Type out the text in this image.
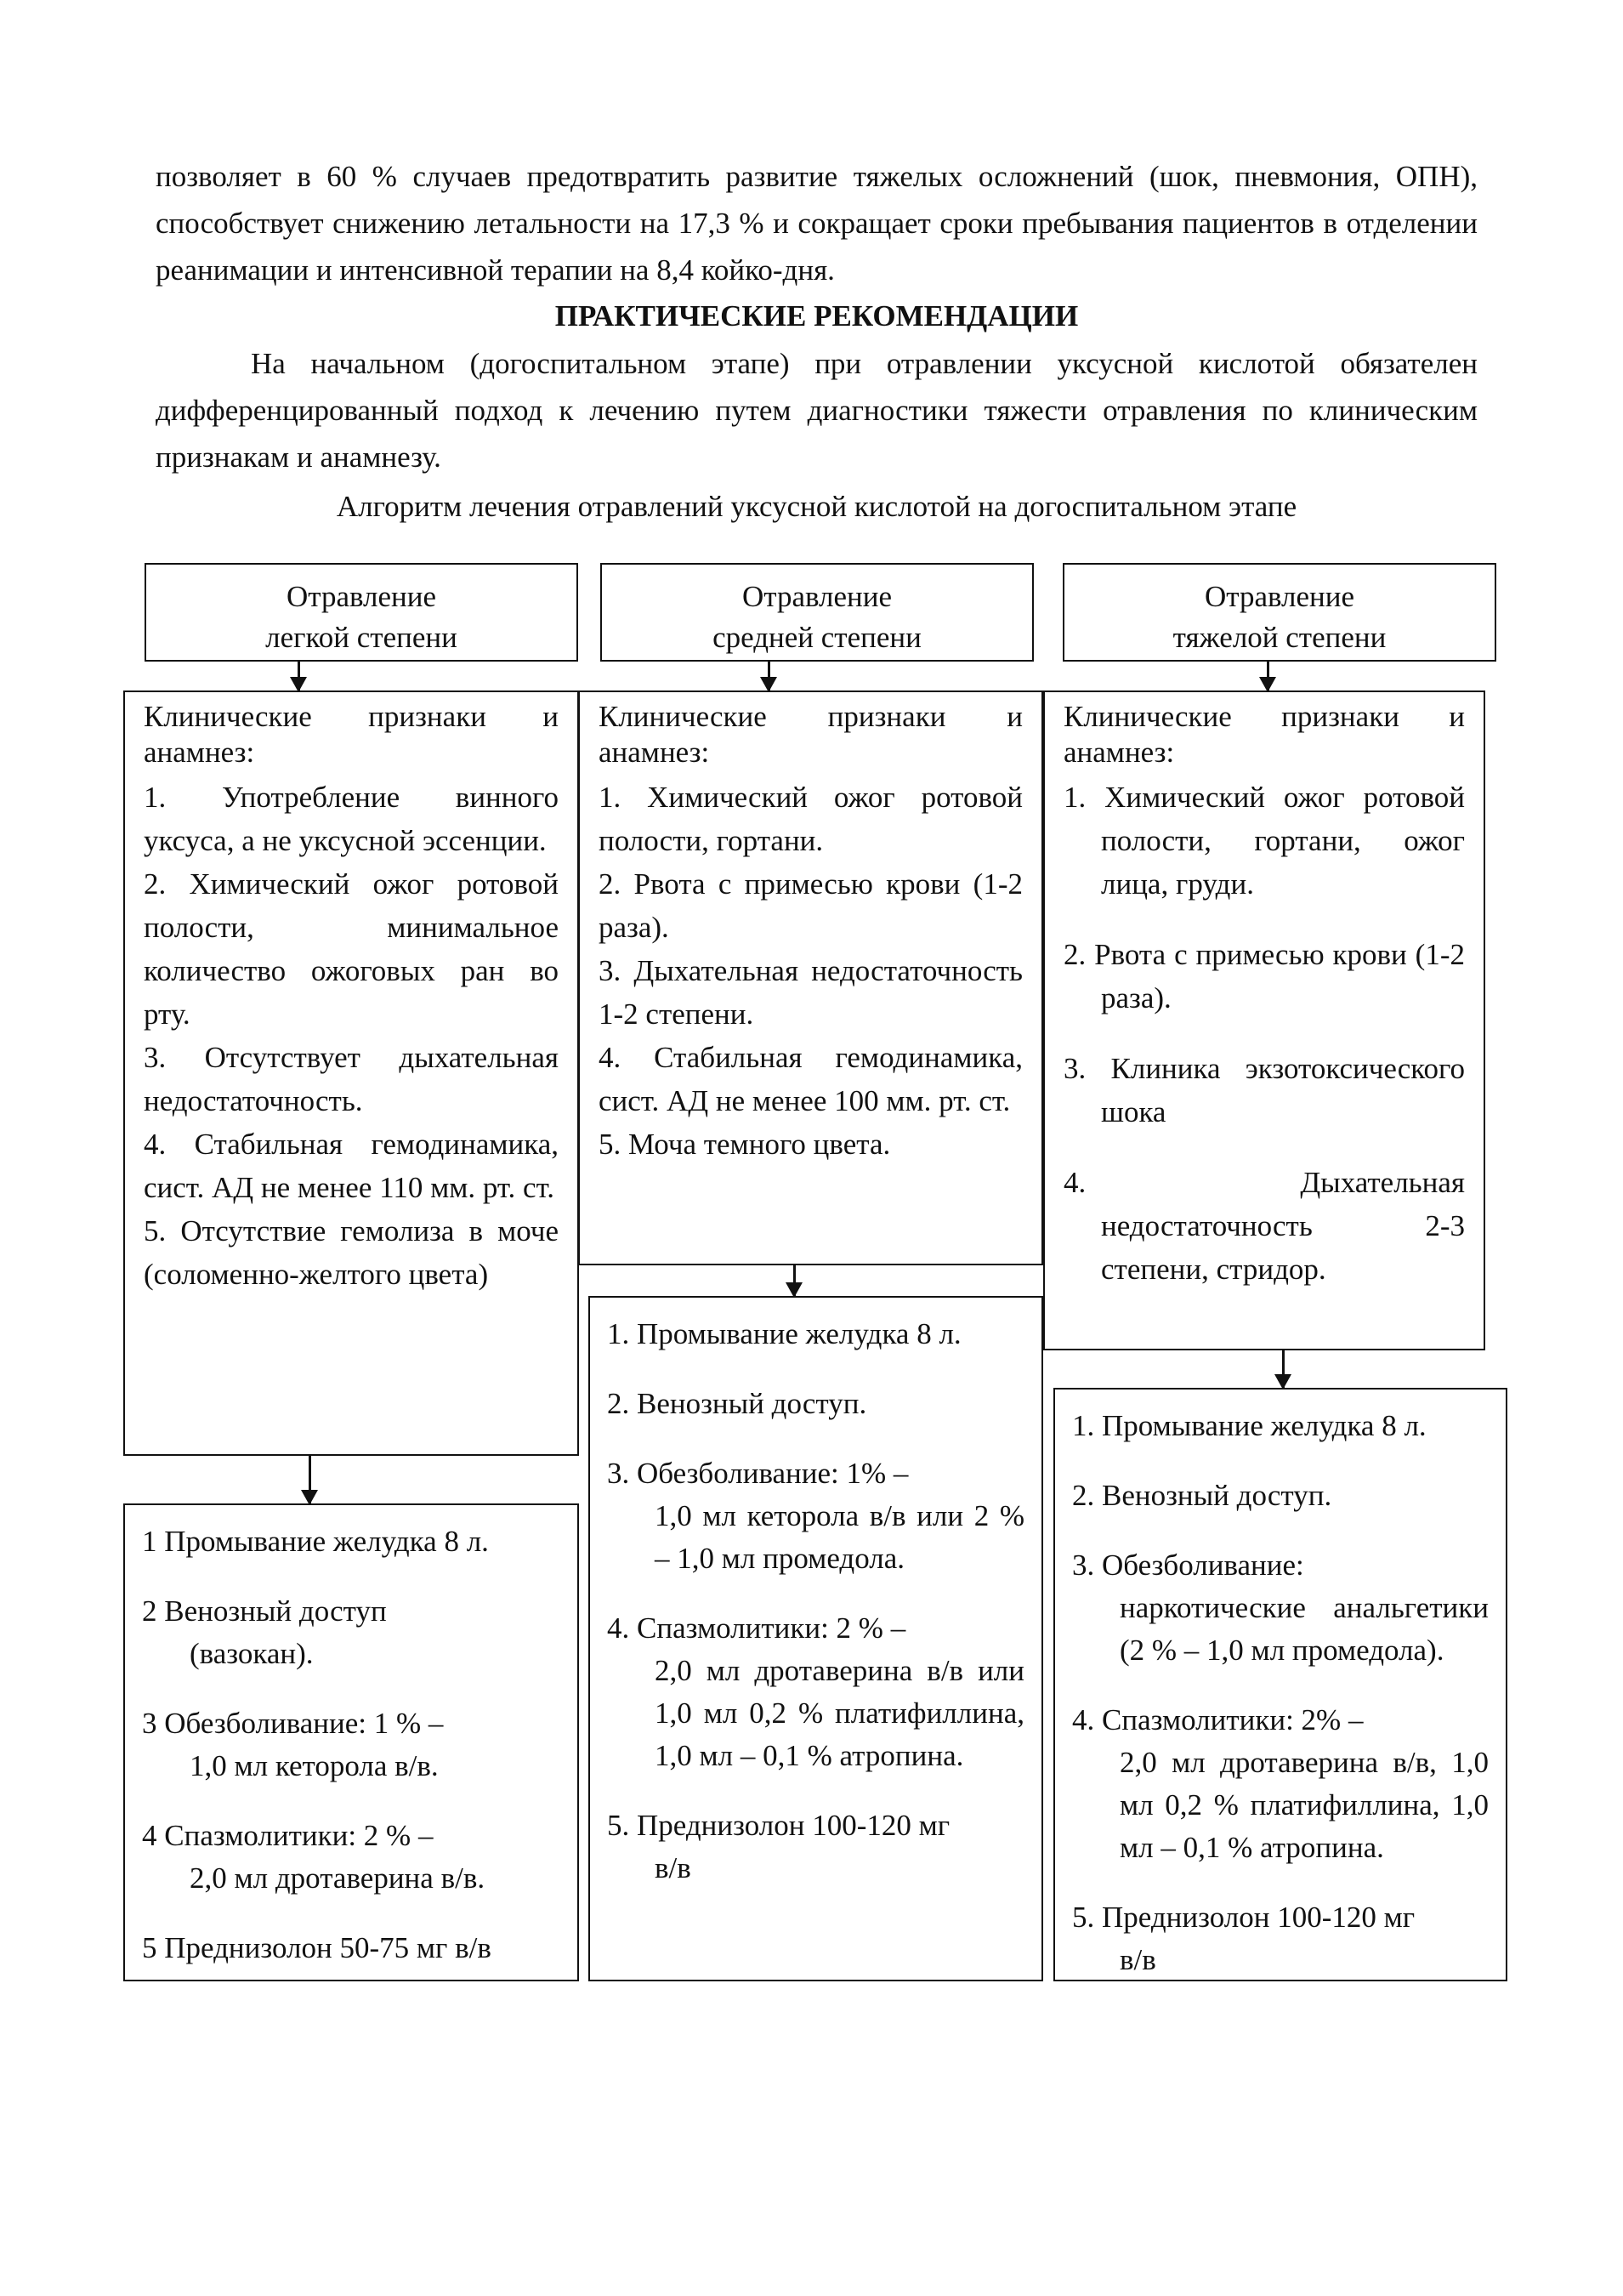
позволяет в 60 % случаев предотвратить развитие тяжелых осложнений (шок, пневмония, ОПН), способствует снижению летальности на 17,3 % и сокращает сроки пребывания пациентов в отделении реанимации и интенсивной терапии на 8,4 койко-дня.

ПРАКТИЧЕСКИЕ РЕКОМЕНДАЦИИ

На начальном (догоспитальном этапе) при отравлении уксусной кислотой обязателен дифференцированный подход к лечению путем диагностики тяжести отравления по клиническим признакам и анамнезу.

Алгоритм лечения отравлений уксусной кислотой на догоспитальном этапе

Отравление
легкой степени
Клинические признаки и анамнез:

1. Употребление винного уксуса, а не уксусной эссенции.

2. Химический ожог ротовой полости, минимальное количество ожоговых ран во рту.

3. Отсутствует дыхательная недостаточность.

4. Стабильная гемодинамика, сист. АД не менее 110 мм. рт. ст.

5. Отсутствие гемолиза в моче (соломенно-желтого цвета)

1 Промывание желудка 8 л.
2 Венозный доступ
(вазокан).
3 Обезболивание: 1 % –
1,0 мл кеторола в/в.
4 Спазмолитики: 2 % –
2,0 мл дротаверина в/в.
5 Преднизолон 50-75 мг в/в
Отравление
средней степени
Клинические признаки и анамнез:

1. Химический ожог ротовой полости, гортани.

2. Рвота с примесью крови (1-2 раза).

3. Дыхательная недостаточность 1-2 степени.

4. Стабильная гемодинамика, сист. АД не менее 100 мм. рт. ст.

5. Моча темного цвета.

1. Промывание желудка 8 л.
2. Венозный доступ.
3. Обезболивание: 1% –
1,0 мл кеторола в/в или 2 % – 1,0 мл промедола.
4. Спазмолитики: 2 % –
2,0 мл дротаверина в/в или 1,0 мл 0,2 % платифиллина, 1,0 мл – 0,1 % атропина.
5. Преднизолон 100-120 мг
в/в
Отравление
тяжелой степени
Клинические признаки и анамнез:

1. Химический ожог ротовой полости, гортани, ожог лица, груди.

2. Рвота с примесью крови (1-2 раза).

3. Клиника экзотоксического шока

4. Дыхательная недостаточность 2-3 степени, стридор.

1. Промывание желудка 8 л.
2. Венозный доступ.
3. Обезболивание:
наркотические анальгетики (2 % – 1,0 мл промедола).
4. Спазмолитики: 2% –
2,0 мл дротаверина в/в, 1,0 мл 0,2 % платифиллина, 1,0 мл – 0,1 % атропина.
5. Преднизолон 100-120 мг
в/в
